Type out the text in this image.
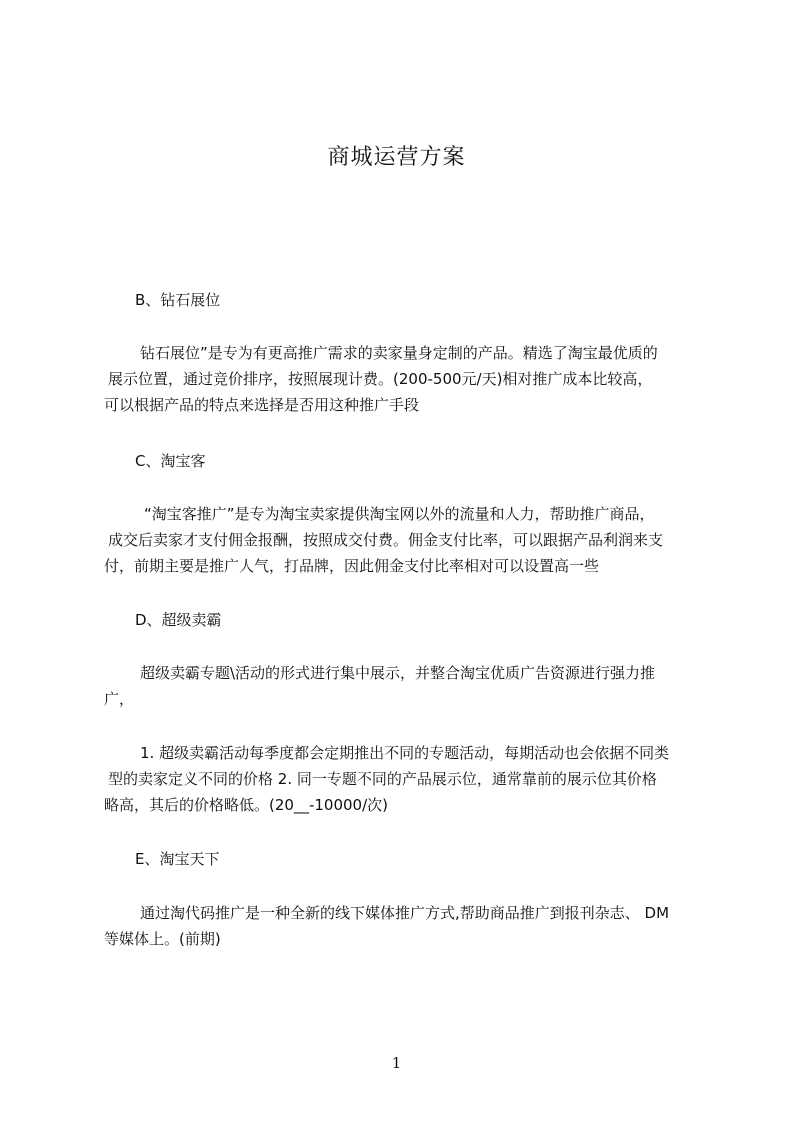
商城运营方案
B、钻石展位
钻石展位”是专为有更高推广需求的卖家量身定制的产品。精选了淘宝最优质的
展示位置，通过竞价排序，按照展现计费。(200-500元/天)相对推广成本比较高，
可以根据产品的特点来选择是否用这种推广手段
C、淘宝客
“淘宝客推广”是专为淘宝卖家提供淘宝网以外的流量和人力，帮助推广商品，
成交后卖家才支付佣金报酬，按照成交付费。佣金支付比率，可以跟据产品利润来支
付，前期主要是推广人气，打品牌，因此佣金支付比率相对可以设置高一些
D、超级卖霸
超级卖霸专题\活动的形式进行集中展示，并整合淘宝优质广告资源进行强力推
广，
1. 超级卖霸活动每季度都会定期推出不同的专题活动，每期活动也会依据不同类
型的卖家定义不同的价格 2. 同一专题不同的产品展示位，通常靠前的展示位其价格
略高，其后的价格略低。(20__-10000/次)
E、淘宝天下
通过淘代码推广是一种全新的线下媒体推广方式,帮助商品推广到报刊杂志、 DM
等媒体上。(前期)
1
